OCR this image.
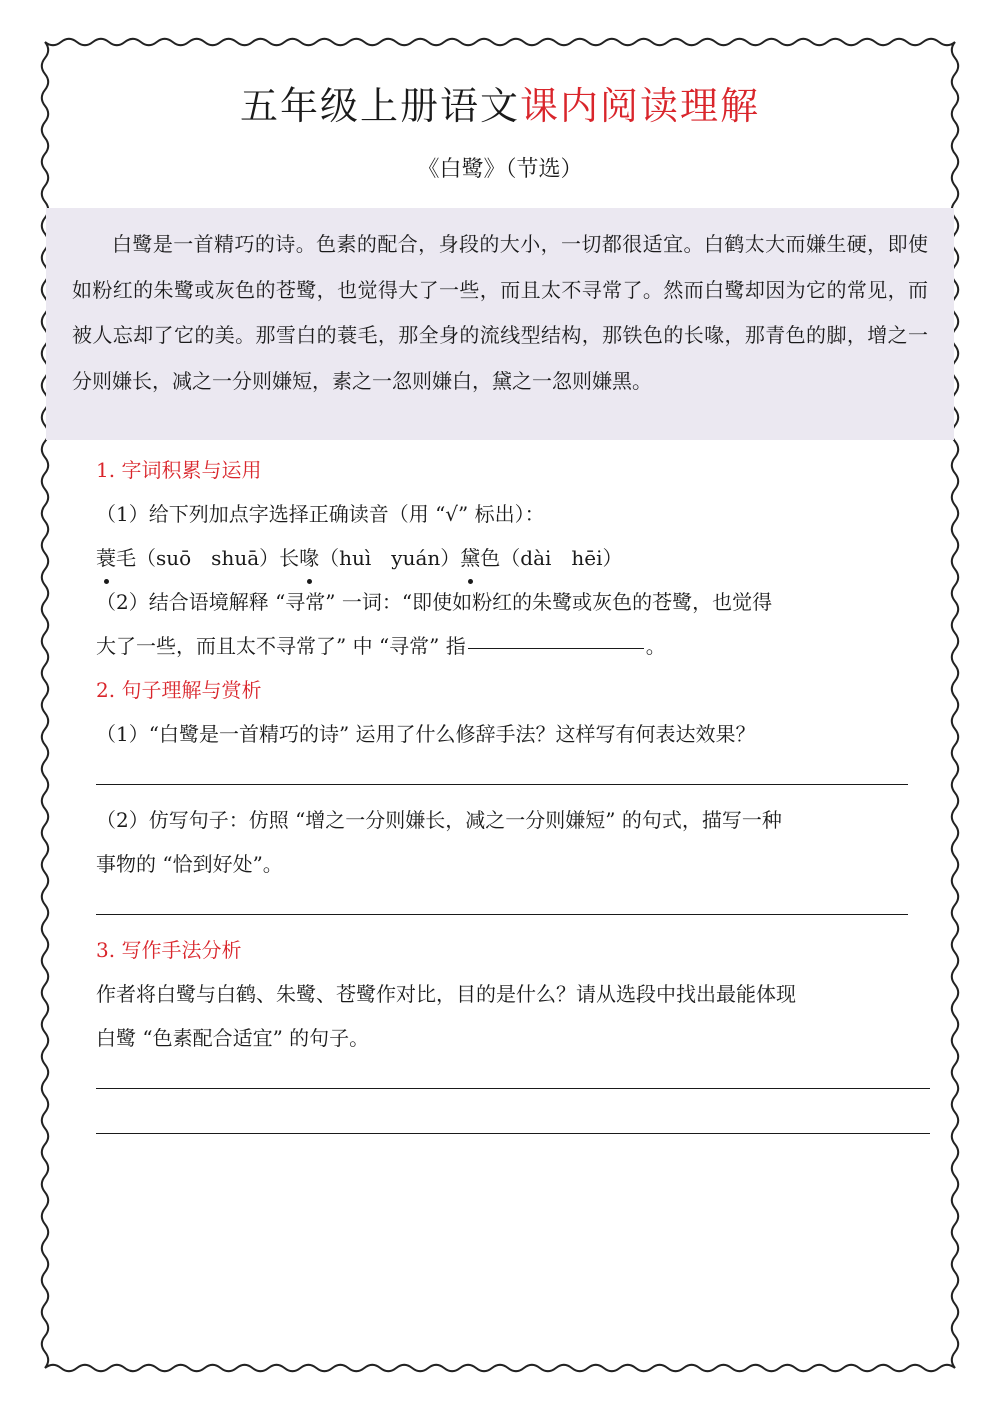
五年级上册语文课内阅读理解
《白鹭》（节选）

白鹭是一首精巧的诗。色素的配合，身段的大小，一切都很适宜。白鹤太大而嫌生硬，即使如粉红的朱鹭或灰色的苍鹭，也觉得大了一些，而且太不寻常了。然而白鹭却因为它的常见，而被人忘却了它的美。那雪白的蓑毛，那全身的流线型结构，那铁色的长喙，那青色的脚，增之一分则嫌长，减之一分则嫌短，素之一忽则嫌白，黛之一忽则嫌黑。

1. 字词积累与运用
（1）给下列加点字选择正确读音（用 “√” 标出）：
蓑毛（suō　shuā）长喙（huì　yuán）黛色（dài　hēi）
（2）结合语境解释 “寻常” 一词：“即使如粉红的朱鹭或灰色的苍鹭，也觉得
大了一些，而且太不寻常了” 中 “寻常” 指	。
2. 句子理解与赏析
（1）“白鹭是一首精巧的诗” 运用了什么修辞手法？这样写有何表达效果？
（2）仿写句子：仿照 “增之一分则嫌长，减之一分则嫌短” 的句式，描写一种
事物的 “恰到好处”。
3. 写作手法分析
作者将白鹭与白鹤、朱鹭、苍鹭作对比，目的是什么？请从选段中找出最能体现
白鹭 “色素配合适宜” 的句子。
